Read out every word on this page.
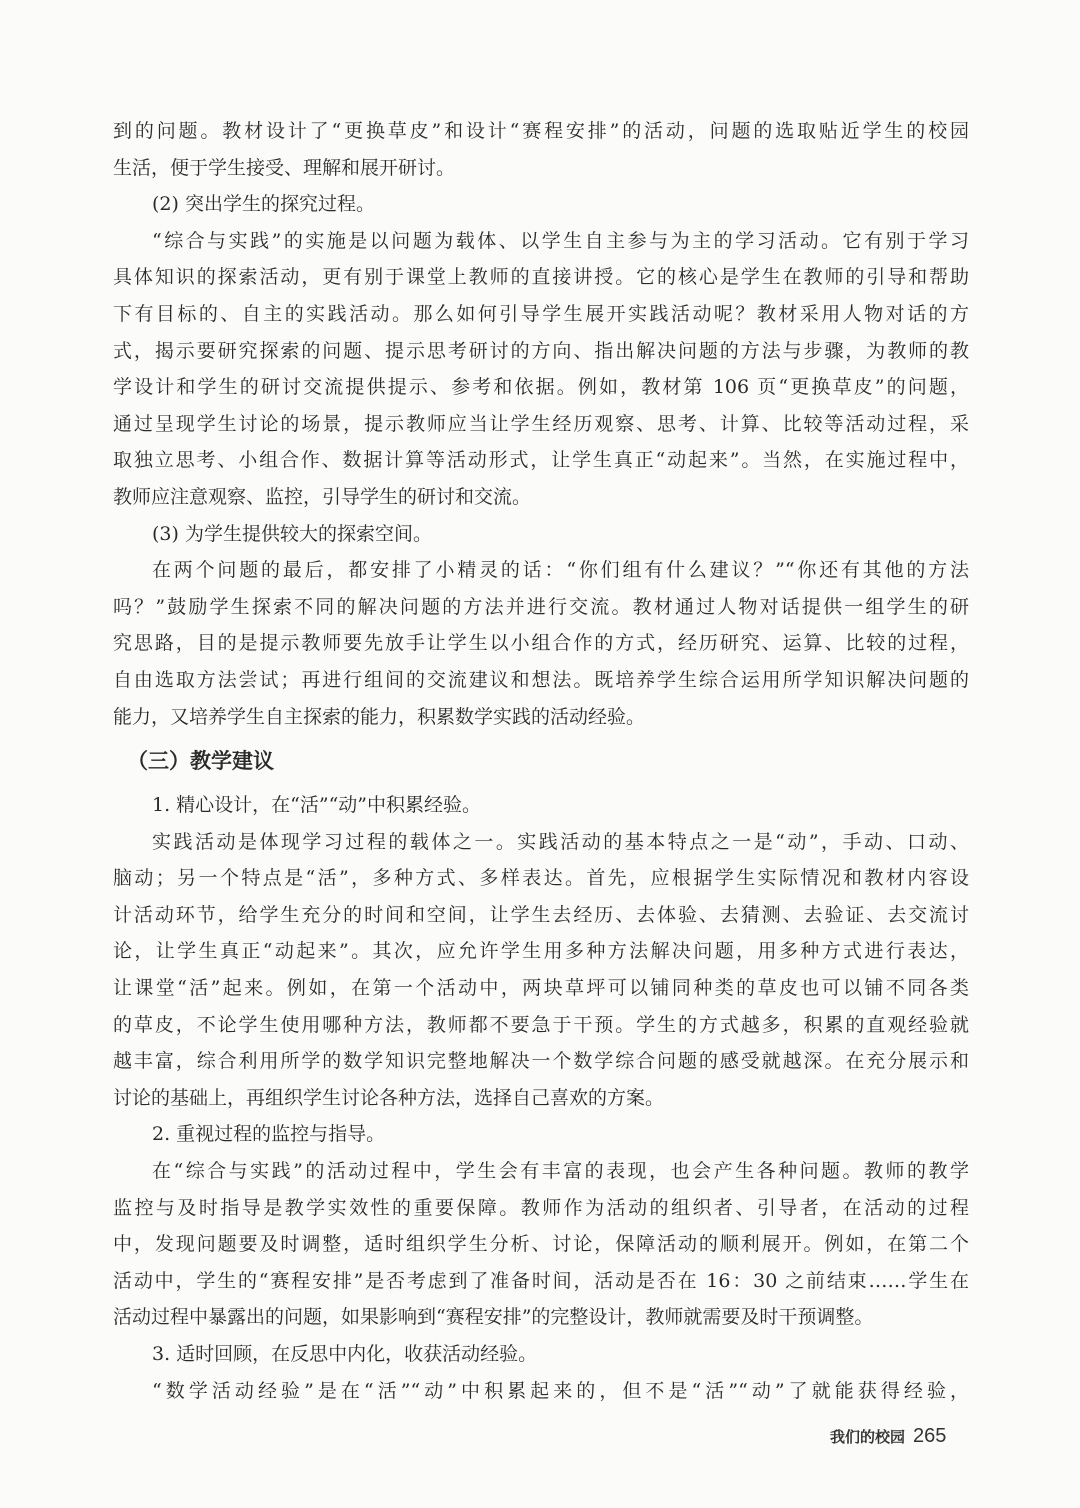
到的问题。教材设计了“更换草皮”和设计“赛程安排”的活动，问题的选取贴近学生的校园
生活，便于学生接受、理解和展开研讨。
(2) 突出学生的探究过程。
“综合与实践”的实施是以问题为载体、以学生自主参与为主的学习活动。它有别于学习
具体知识的探索活动，更有别于课堂上教师的直接讲授。它的核心是学生在教师的引导和帮助
下有目标的、自主的实践活动。那么如何引导学生展开实践活动呢？教材采用人物对话的方
式，揭示要研究探索的问题、提示思考研讨的方向、指出解决问题的方法与步骤，为教师的教
学设计和学生的研讨交流提供提示、参考和依据。例如，教材第 106 页“更换草皮”的问题，
通过呈现学生讨论的场景，提示教师应当让学生经历观察、思考、计算、比较等活动过程，采
取独立思考、小组合作、数据计算等活动形式，让学生真正“动起来”。当然，在实施过程中，
教师应注意观察、监控，引导学生的研讨和交流。
(3) 为学生提供较大的探索空间。
在两个问题的最后，都安排了小精灵的话：“你们组有什么建议？”“你还有其他的方法
吗？”鼓励学生探索不同的解决问题的方法并进行交流。教材通过人物对话提供一组学生的研
究思路，目的是提示教师要先放手让学生以小组合作的方式，经历研究、运算、比较的过程，
自由选取方法尝试；再进行组间的交流建议和想法。既培养学生综合运用所学知识解决问题的
能力，又培养学生自主探索的能力，积累数学实践的活动经验。
（三）教学建议
1. 精心设计，在“活”“动”中积累经验。
实践活动是体现学习过程的载体之一。实践活动的基本特点之一是“动”，手动、口动、
脑动；另一个特点是“活”，多种方式、多样表达。首先，应根据学生实际情况和教材内容设
计活动环节，给学生充分的时间和空间，让学生去经历、去体验、去猜测、去验证、去交流讨
论，让学生真正“动起来”。其次，应允许学生用多种方法解决问题，用多种方式进行表达，
让课堂“活”起来。例如，在第一个活动中，两块草坪可以铺同种类的草皮也可以铺不同各类
的草皮，不论学生使用哪种方法，教师都不要急于干预。学生的方式越多，积累的直观经验就
越丰富，综合利用所学的数学知识完整地解决一个数学综合问题的感受就越深。在充分展示和
讨论的基础上，再组织学生讨论各种方法，选择自己喜欢的方案。
2. 重视过程的监控与指导。
在“综合与实践”的活动过程中，学生会有丰富的表现，也会产生各种问题。教师的教学
监控与及时指导是教学实效性的重要保障。教师作为活动的组织者、引导者，在活动的过程
中，发现问题要及时调整，适时组织学生分析、讨论，保障活动的顺利展开。例如，在第二个
活动中，学生的“赛程安排”是否考虑到了准备时间，活动是否在 16：30 之前结束……学生在
活动过程中暴露出的问题，如果影响到“赛程安排”的完整设计，教师就需要及时干预调整。
3. 适时回顾，在反思中内化，收获活动经验。
“数学活动经验”是在“活”“动”中积累起来的，但不是“活”“动”了就能获得经验，
我们的校园 265
